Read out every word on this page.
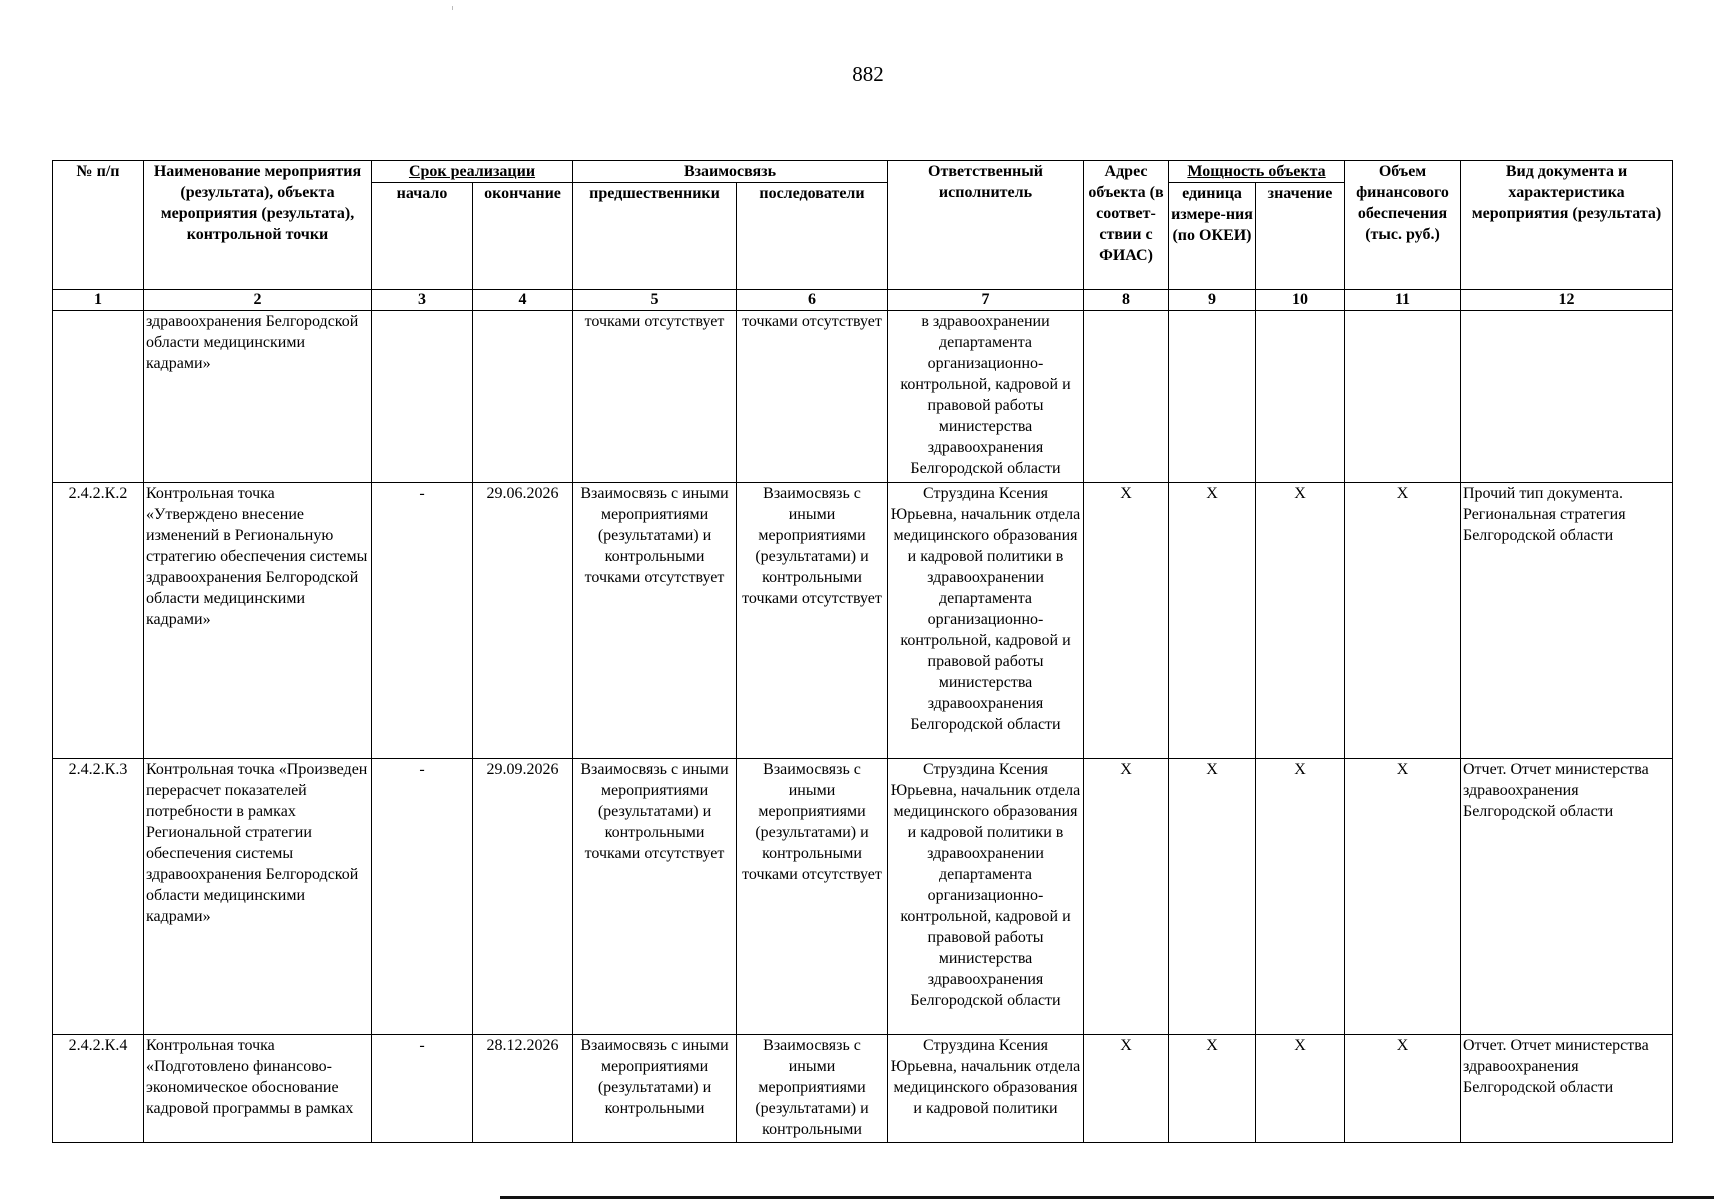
882
№ п/п	Наименование мероприятия (результата), объекта мероприятия (результата), контрольной точки	Срок реализации		Взаимосвязь		Ответственный исполнитель	Адрес объекта (в соответ-ствии с ФИАС)	Мощность объекта		Объем финансового обеспечения (тыс. руб.)	Вид документа и характеристика мероприятия (результата)
		начало	окончание	предшественники	последователи			единица измере-ния (по ОКЕИ)	значение		
1	2	3	4	5	6	7	8	9	10	11	12
	здравоохранения Белгородской области медицинскими кадрами»			точками отсутствует	точками отсутствует	в здравоохранении департамента организационно-контрольной, кадровой и правовой работы министерства здравоохранения Белгородской области					
2.4.2.К.2	Контрольная точка «Утверждено внесение изменений в Региональную стратегию обеспечения системы здравоохранения Белгородской области медицинскими кадрами»	-	29.06.2026	Взаимосвязь с иными мероприятиями (результатами) и контрольными точками отсутствует	Взаимосвязь с иными мероприятиями (результатами) и контрольными точками отсутствует	Струздина Ксения Юрьевна, начальник отдела медицинского образования и кадровой политики в здравоохранении департамента организационно-контрольной, кадровой и правовой работы министерства здравоохранения Белгородской области	X	X	X	X	Прочий тип документа. Региональная стратегия Белгородской области
2.4.2.К.3	Контрольная точка «Произведен перерасчет показателей потребности в рамках Региональной стратегии обеспечения системы здравоохранения Белгородской области медицинскими кадрами»	-	29.09.2026	Взаимосвязь с иными мероприятиями (результатами) и контрольными точками отсутствует	Взаимосвязь с иными мероприятиями (результатами) и контрольными точками отсутствует	Струздина Ксения Юрьевна, начальник отдела медицинского образования и кадровой политики в здравоохранении департамента организационно-контрольной, кадровой и правовой работы министерства здравоохранения Белгородской области	X	X	X	X	Отчет. Отчет министерства здравоохранения Белгородской области
2.4.2.К.4	Контрольная точка «Подготовлено финансово-экономическое обоснование кадровой программы в рамках	-	28.12.2026	Взаимосвязь с иными мероприятиями (результатами) и контрольными	Взаимосвязь с иными мероприятиями (результатами) и контрольными	Струздина Ксения Юрьевна, начальник отдела медицинского образования и кадровой политики	X	X	X	X	Отчет. Отчет министерства здравоохранения Белгородской области
